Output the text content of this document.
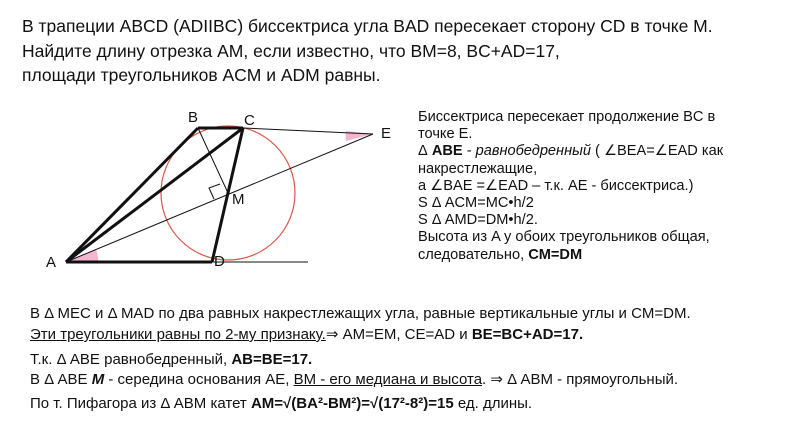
В трапеции ABCD (ADIIBC) биссектриса угла BAD пересекает сторону CD в точке M.
Найдите длину отрезка AM, если известно, что BM=8, BC+AD=17,
площади треугольников ACM и ADM равны.
A
B	C
D
E
M
Биссектриса пересекает продолжение BC в
точке E.
Δ ABE - равнобедренный ( ∠BEA=∠EAD как
накрестлежащие,
а ∠BAE =∠EAD – т.к. AE - биссектриса.)
S Δ ACM=MC•h/2
S Δ AMD=DM•h/2.
Высота из A у обоих треугольников общая,
следовательно, CM=DM
В Δ MEC и Δ MAD по два равных накрестлежащих угла, равные вертикальные углы и CM=DM.
Эти треугольники равны по 2-му признаку.⇒ AM=EM, CE=AD и BE=BC+AD=17.
Т.к. Δ ABE равнобедренный, AB=BE=17.
В Δ ABE M - середина основания AE, BM - его медиана и высота. ⇒ Δ ABM - прямоугольный.
По т. Пифагора из Δ ABM катет AM=√(BA²-BM²)=√(17²-8²)=15 ед. длины.
